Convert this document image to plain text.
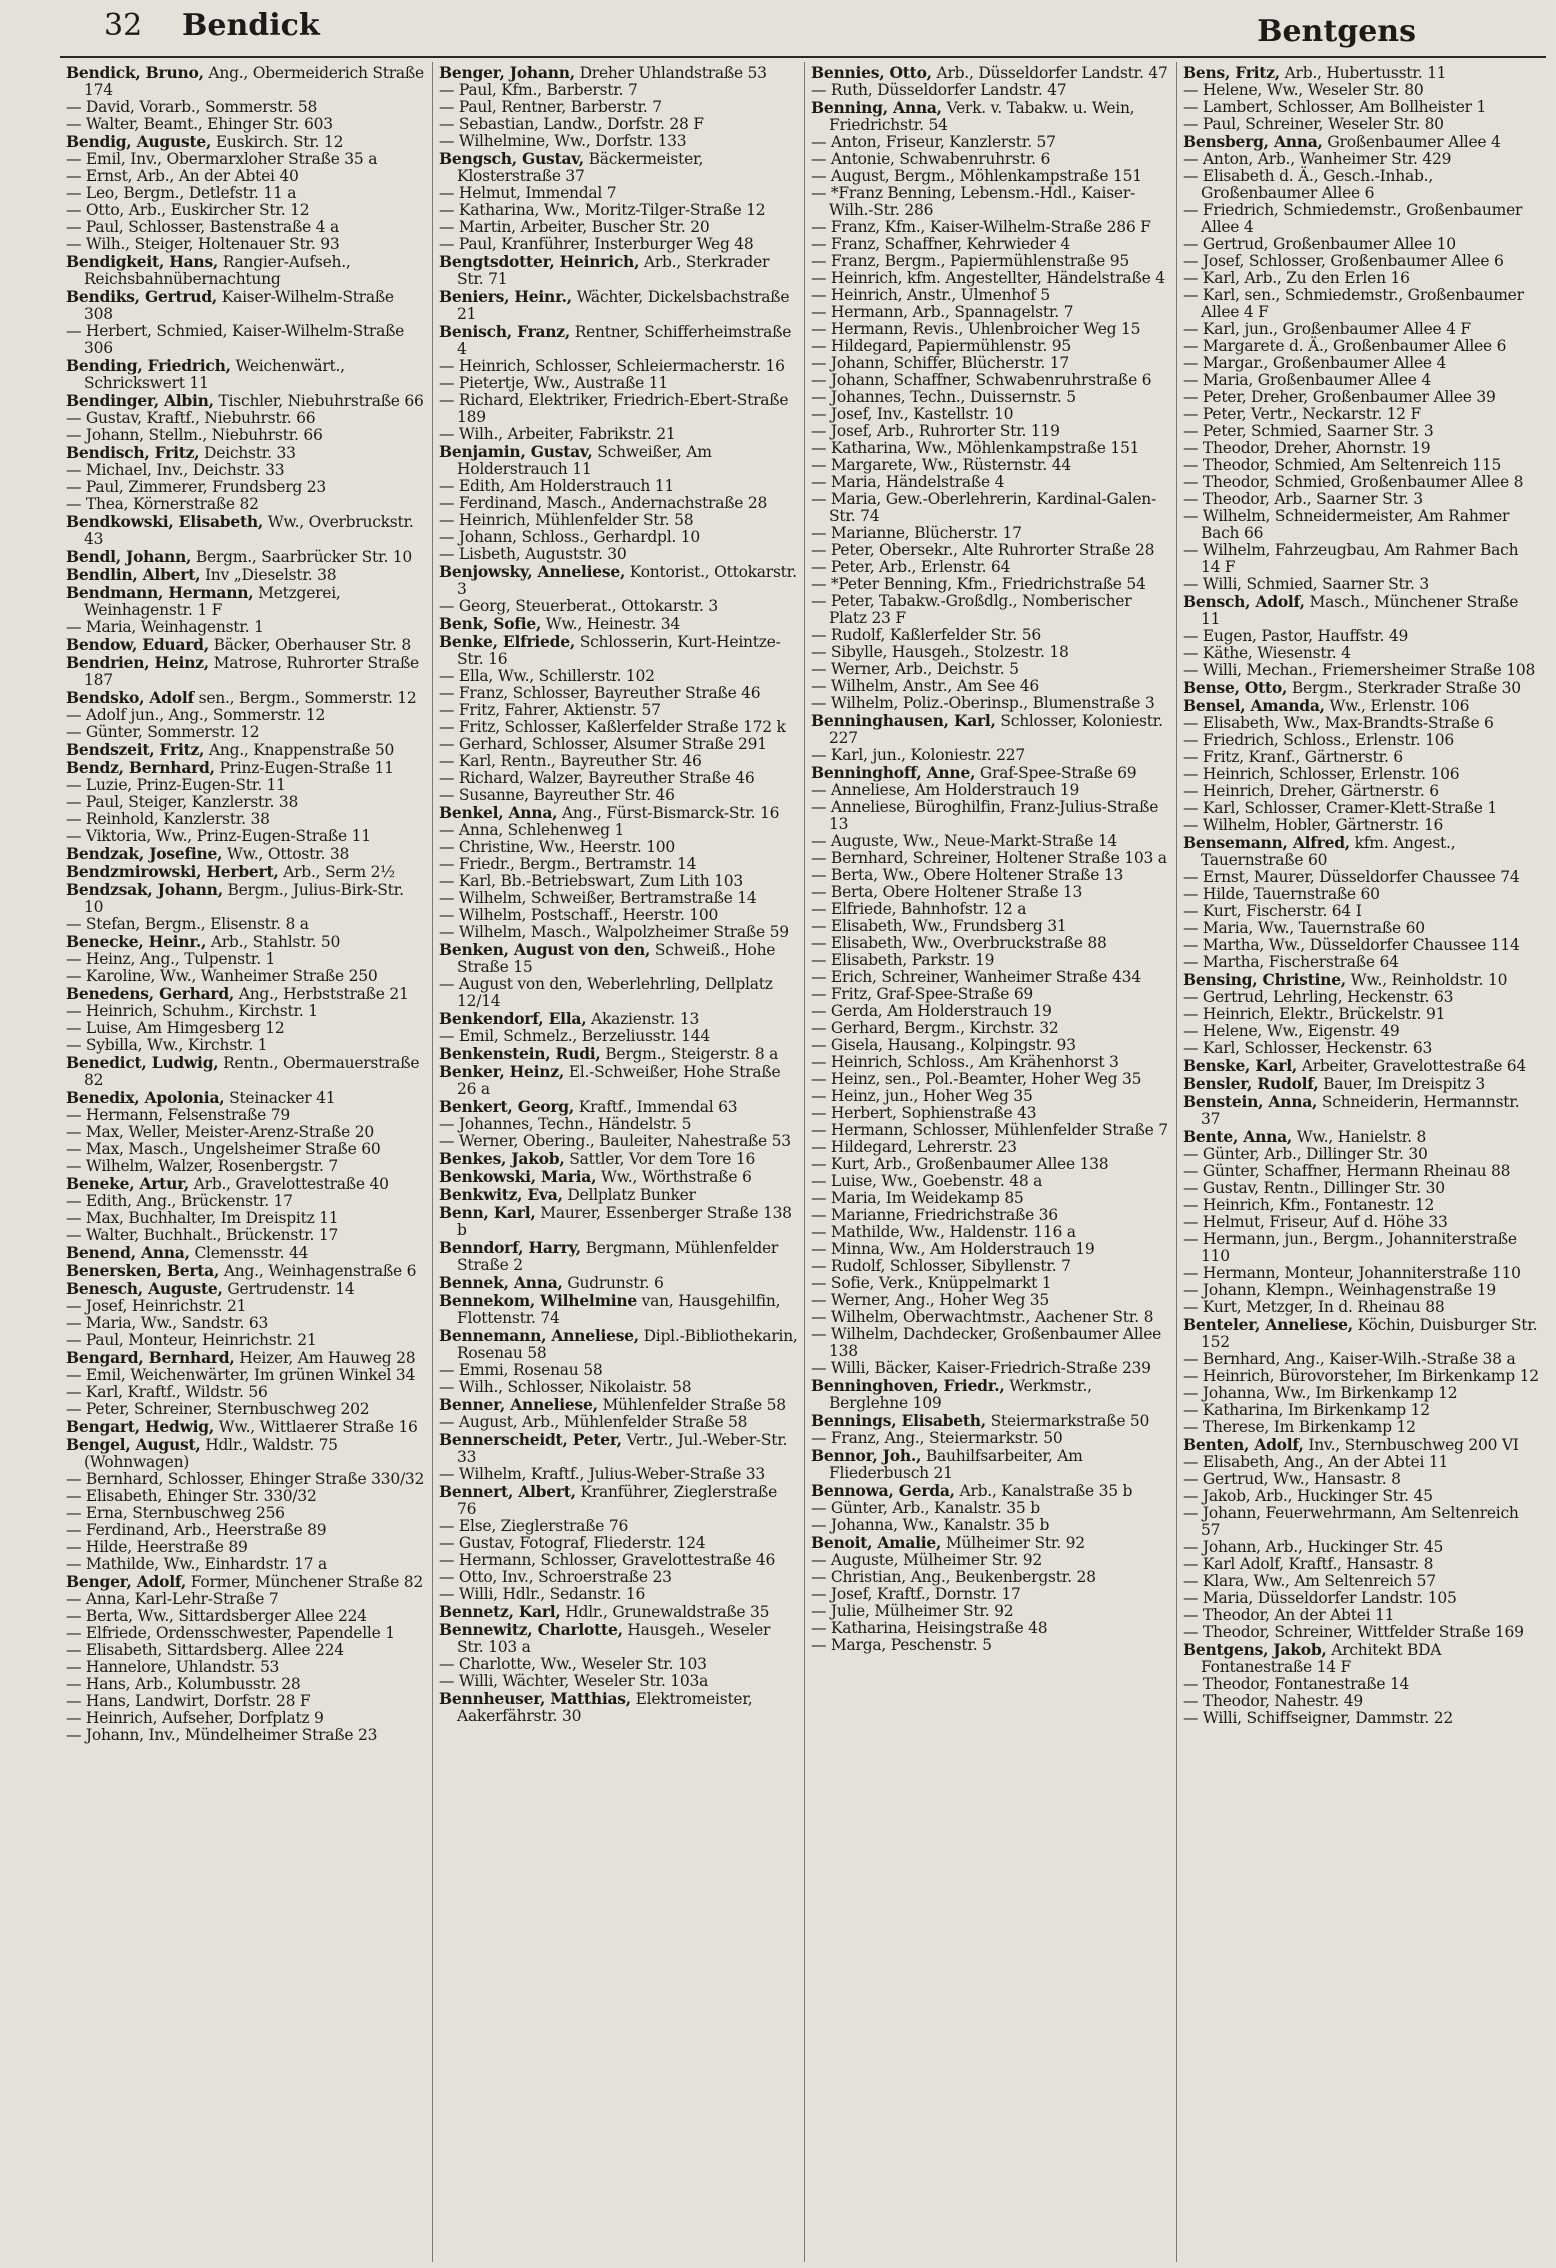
32 Bendick	Bentgens

Bendick, Bruno, Ang., Obermeiderich Straße 174

— David, Vorarb., Sommerstr. 58

— Walter, Beamt., Ehinger Str. 603

Bendig, Auguste, Euskirch. Str. 12

— Emil, Inv., Obermarxloher Straße 35 a

— Ernst, Arb., An der Abtei 40

— Leo, Bergm., Detlefstr. 11 a

— Otto, Arb., Euskircher Str. 12

— Paul, Schlosser, Bastenstraße 4 a

— Wilh., Steiger, Holtenauer Str. 93

Bendigkeit, Hans, Rangier-Aufseh., Reichsbahnübernachtung

Bendiks, Gertrud, Kaiser-Wilhelm-Straße 308

— Herbert, Schmied, Kaiser-Wilhelm-Straße 306

Bending, Friedrich, Weichenwärt., Schrickswert 11

Bendinger, Albin, Tischler, Niebuhrstraße 66

— Gustav, Kraftf., Niebuhrstr. 66

— Johann, Stellm., Niebuhrstr. 66

Bendisch, Fritz, Deichstr. 33

— Michael, Inv., Deichstr. 33

— Paul, Zimmerer, Frundsberg 23

— Thea, Körnerstraße 82

Bendkowski, Elisabeth, Ww., Overbruckstr. 43

Bendl, Johann, Bergm., Saarbrücker Str. 10

Bendlin, Albert, Inv „Dieselstr. 38

Bendmann, Hermann, Metzgerei, Weinhagenstr. 1 F

— Maria, Weinhagenstr. 1

Bendow, Eduard, Bäcker, Oberhauser Str. 8

Bendrien, Heinz, Matrose, Ruhrorter Straße 187

Bendsko, Adolf sen., Bergm., Sommerstr. 12

— Adolf jun., Ang., Sommerstr. 12

— Günter, Sommerstr. 12

Bendszeit, Fritz, Ang., Knappenstraße 50

Bendz, Bernhard, Prinz-Eugen-Straße 11

— Luzie, Prinz-Eugen-Str. 11

— Paul, Steiger, Kanzlerstr. 38

— Reinhold, Kanzlerstr. 38

— Viktoria, Ww., Prinz-Eugen-Straße 11

Bendzak, Josefine, Ww., Ottostr. 38

Bendzmirowski, Herbert, Arb., Serm 2½

Bendzsak, Johann, Bergm., Julius-Birk-Str. 10

— Stefan, Bergm., Elisenstr. 8 a

Benecke, Heinr., Arb., Stahlstr. 50

— Heinz, Ang., Tulpenstr. 1

— Karoline, Ww., Wanheimer Straße 250

Benedens, Gerhard, Ang., Herbststraße 21

— Heinrich, Schuhm., Kirchstr. 1

— Luise, Am Himgesberg 12

— Sybilla, Ww., Kirchstr. 1

Benedict, Ludwig, Rentn., Obermauerstraße 82

Benedix, Apolonia, Steinacker 41

— Hermann, Felsenstraße 79

— Max, Weller, Meister-Arenz-Straße 20

— Max, Masch., Ungelsheimer Straße 60

— Wilhelm, Walzer, Rosenbergstr. 7

Beneke, Artur, Arb., Gravelottestraße 40

— Edith, Ang., Brückenstr. 17

— Max, Buchhalter, Im Dreispitz 11

— Walter, Buchhalt., Brückenstr. 17

Benend, Anna, Clemensstr. 44

Benersken, Berta, Ang., Weinhagenstraße 6

Benesch, Auguste, Gertrudenstr. 14

— Josef, Heinrichstr. 21

— Maria, Ww., Sandstr. 63

— Paul, Monteur, Heinrichstr. 21

Bengard, Bernhard, Heizer, Am Hauweg 28

— Emil, Weichenwärter, Im grünen Winkel 34

— Karl, Kraftf., Wildstr. 56

— Peter, Schreiner, Sternbuschweg 202

Bengart, Hedwig, Ww., Wittlaerer Straße 16

Bengel, August, Hdlr., Waldstr. 75 (Wohnwagen)

— Bernhard, Schlosser, Ehinger Straße 330/32

— Elisabeth, Ehinger Str. 330/32

— Erna, Sternbuschweg 256

— Ferdinand, Arb., Heerstraße 89

— Hilde, Heerstraße 89

— Mathilde, Ww., Einhardstr. 17 a

Benger, Adolf, Former, Münchener Straße 82

— Anna, Karl-Lehr-Straße 7

— Berta, Ww., Sittardsberger Allee 224

— Elfriede, Ordensschwester, Papendelle 1

— Elisabeth, Sittardsberg. Allee 224

— Hannelore, Uhlandstr. 53

— Hans, Arb., Kolumbusstr. 28

— Hans, Landwirt, Dorfstr. 28 F

— Heinrich, Aufseher, Dorfplatz 9

— Johann, Inv., Mündelheimer Straße 23

Benger, Johann, Dreher Uhlandstraße 53

— Paul, Kfm., Barberstr. 7

— Paul, Rentner, Barberstr. 7

— Sebastian, Landw., Dorfstr. 28 F

— Wilhelmine, Ww., Dorfstr. 133

Bengsch, Gustav, Bäckermeister, Klosterstraße 37

— Helmut, Immendal 7

— Katharina, Ww., Moritz-Tilger-Straße 12

— Martin, Arbeiter, Buscher Str. 20

— Paul, Kranführer, Insterburger Weg 48

Bengtsdotter, Heinrich, Arb., Sterkrader Str. 71

Beniers, Heinr., Wächter, Dickelsbachstraße 21

Benisch, Franz, Rentner, Schifferheimstraße 4

— Heinrich, Schlosser, Schleiermacherstr. 16

— Pietertje, Ww., Austraße 11

— Richard, Elektriker, Friedrich-Ebert-Straße 189

— Wilh., Arbeiter, Fabrikstr. 21

Benjamin, Gustav, Schweißer, Am Holderstrauch 11

— Edith, Am Holderstrauch 11

— Ferdinand, Masch., Andernachstraße 28

— Heinrich, Mühlenfelder Str. 58

— Johann, Schloss., Gerhardpl. 10

— Lisbeth, Auguststr. 30

Benjowsky, Anneliese, Kontorist., Ottokarstr. 3

— Georg, Steuerberat., Ottokarstr. 3

Benk, Sofie, Ww., Heinestr. 34

Benke, Elfriede, Schlosserin, Kurt-Heintze-Str. 16

— Ella, Ww., Schillerstr. 102

— Franz, Schlosser, Bayreuther Straße 46

— Fritz, Fahrer, Aktienstr. 57

— Fritz, Schlosser, Kaßlerfelder Straße 172 k

— Gerhard, Schlosser, Alsumer Straße 291

— Karl, Rentn., Bayreuther Str. 46

— Richard, Walzer, Bayreuther Straße 46

— Susanne, Bayreuther Str. 46

Benkel, Anna, Ang., Fürst-Bismarck-Str. 16

— Anna, Schlehenweg 1

— Christine, Ww., Heerstr. 100

— Friedr., Bergm., Bertramstr. 14

— Karl, Bb.-Betriebswart, Zum Lith 103

— Wilhelm, Schweißer, Bertramstraße 14

— Wilhelm, Postschaff., Heerstr. 100

— Wilhelm, Masch., Walpolzheimer Straße 59

Benken, August von den, Schweiß., Hohe Straße 15

— August von den, Weberlehrling, Dellplatz 12/14

Benkendorf, Ella, Akazienstr. 13

— Emil, Schmelz., Berzeliusstr. 144

Benkenstein, Rudi, Bergm., Steigerstr. 8 a

Benker, Heinz, El.-Schweißer, Hohe Straße 26 a

Benkert, Georg, Kraftf., Immendal 63

— Johannes, Techn., Händelstr. 5

— Werner, Obering., Bauleiter, Nahestraße 53

Benkes, Jakob, Sattler, Vor dem Tore 16

Benkowski, Maria, Ww., Wörthstraße 6

Benkwitz, Eva, Dellplatz Bunker

Benn, Karl, Maurer, Essenberger Straße 138 b

Benndorf, Harry, Bergmann, Mühlenfelder Straße 2

Bennek, Anna, Gudrunstr. 6

Bennekom, Wilhelmine van, Hausgehilfin, Flottenstr. 74

Bennemann, Anneliese, Dipl.-Bibliothekarin, Rosenau 58

— Emmi, Rosenau 58

— Wilh., Schlosser, Nikolaistr. 58

Benner, Anneliese, Mühlenfelder Straße 58

— August, Arb., Mühlenfelder Straße 58

Bennerscheidt, Peter, Vertr., Jul.-Weber-Str. 33

— Wilhelm, Kraftf., Julius-Weber-Straße 33

Bennert, Albert, Kranführer, Zieglerstraße 76

— Else, Zieglerstraße 76

— Gustav, Fotograf, Fliederstr. 124

— Hermann, Schlosser, Gravelottestraße 46

— Otto, Inv., Schroerstraße 23

— Willi, Hdlr., Sedanstr. 16

Bennetz, Karl, Hdlr., Grunewaldstraße 35

Bennewitz, Charlotte, Hausgeh., Weseler Str. 103 a

— Charlotte, Ww., Weseler Str. 103

— Willi, Wächter, Weseler Str. 103a

Bennheuser, Matthias, Elektromeister, Aakerfährstr. 30

Bennies, Otto, Arb., Düsseldorfer Landstr. 47

— Ruth, Düsseldorfer Landstr. 47

Benning, Anna, Verk. v. Tabakw. u. Wein, Friedrichstr. 54

— Anton, Friseur, Kanzlerstr. 57

— Antonie, Schwabenruhrstr. 6

— August, Bergm., Möhlenkampstraße 151

— *Franz Benning, Lebensm.-Hdl., Kaiser-Wilh.-Str. 286

— Franz, Kfm., Kaiser-Wilhelm-Straße 286 F

— Franz, Schaffner, Kehrwieder 4

— Franz, Bergm., Papiermühlenstraße 95

— Heinrich, kfm. Angestellter, Händelstraße 4

— Heinrich, Anstr., Ulmenhof 5

— Hermann, Arb., Spannagelstr. 7

— Hermann, Revis., Uhlenbroicher Weg 15

— Hildegard, Papiermühlenstr. 95

— Johann, Schiffer, Blücherstr. 17

— Johann, Schaffner, Schwabenruhrstraße 6

— Johannes, Techn., Duissernstr. 5

— Josef, Inv., Kastellstr. 10

— Josef, Arb., Ruhrorter Str. 119

— Katharina, Ww., Möhlenkampstraße 151

— Margarete, Ww., Rüsternstr. 44

— Maria, Händelstraße 4

— Maria, Gew.-Oberlehrerin, Kardinal-Galen-Str. 74

— Marianne, Blücherstr. 17

— Peter, Obersekr., Alte Ruhrorter Straße 28

— Peter, Arb., Erlenstr. 64

— *Peter Benning, Kfm., Friedrichstraße 54

— Peter, Tabakw.-Großdlg., Nomberischer Platz 23 F

— Rudolf, Kaßlerfelder Str. 56

— Sibylle, Hausgeh., Stolzestr. 18

— Werner, Arb., Deichstr. 5

— Wilhelm, Anstr., Am See 46

— Wilhelm, Poliz.-Oberinsp., Blumenstraße 3

Benninghausen, Karl, Schlosser, Koloniestr. 227

— Karl, jun., Koloniestr. 227

Benninghoff, Anne, Graf-Spee-Straße 69

— Anneliese, Am Holderstrauch 19

— Anneliese, Büroghilfin, Franz-Julius-Straße 13

— Auguste, Ww., Neue-Markt-Straße 14

— Bernhard, Schreiner, Holtener Straße 103 a

— Berta, Ww., Obere Holtener Straße 13

— Berta, Obere Holtener Straße 13

— Elfriede, Bahnhofstr. 12 a

— Elisabeth, Ww., Frundsberg 31

— Elisabeth, Ww., Overbruckstraße 88

— Elisabeth, Parkstr. 19

— Erich, Schreiner, Wanheimer Straße 434

— Fritz, Graf-Spee-Straße 69

— Gerda, Am Holderstrauch 19

— Gerhard, Bergm., Kirchstr. 32

— Gisela, Hausang., Kolpingstr. 93

— Heinrich, Schloss., Am Krähenhorst 3

— Heinz, sen., Pol.-Beamter, Hoher Weg 35

— Heinz, jun., Hoher Weg 35

— Herbert, Sophienstraße 43

— Hermann, Schlosser, Mühlenfelder Straße 7

— Hildegard, Lehrerstr. 23

— Kurt, Arb., Großenbaumer Allee 138

— Luise, Ww., Goebenstr. 48 a

— Maria, Im Weidekamp 85

— Marianne, Friedrichstraße 36

— Mathilde, Ww., Haldenstr. 116 a

— Minna, Ww., Am Holderstrauch 19

— Rudolf, Schlosser, Sibyllenstr. 7

— Sofie, Verk., Knüppelmarkt 1

— Werner, Ang., Hoher Weg 35

— Wilhelm, Oberwachtmstr., Aachener Str. 8

— Wilhelm, Dachdecker, Großenbaumer Allee 138

— Willi, Bäcker, Kaiser-Friedrich-Straße 239

Benninghoven, Friedr., Werkmstr., Berglehne 109

Bennings, Elisabeth, Steiermarkstraße 50

— Franz, Ang., Steiermarkstr. 50

Bennor, Joh., Bauhilfsarbeiter, Am Fliederbusch 21

Bennowa, Gerda, Arb., Kanalstraße 35 b

— Günter, Arb., Kanalstr. 35 b

— Johanna, Ww., Kanalstr. 35 b

Benoit, Amalie, Mülheimer Str. 92

— Auguste, Mülheimer Str. 92

— Christian, Ang., Beukenbergstr. 28

— Josef, Kraftf., Dornstr. 17

— Julie, Mülheimer Str. 92

— Katharina, Heisingstraße 48

— Marga, Peschenstr. 5

Bens, Fritz, Arb., Hubertusstr. 11

— Helene, Ww., Weseler Str. 80

— Lambert, Schlosser, Am Bollheister 1

— Paul, Schreiner, Weseler Str. 80

Bensberg, Anna, Großenbaumer Allee 4

— Anton, Arb., Wanheimer Str. 429

— Elisabeth d. Ä., Gesch.-Inhab., Großenbaumer Allee 6

— Friedrich, Schmiedemstr., Großenbaumer Allee 4

— Gertrud, Großenbaumer Allee 10

— Josef, Schlosser, Großenbaumer Allee 6

— Karl, Arb., Zu den Erlen 16

— Karl, sen., Schmiedemstr., Großenbaumer Allee 4 F

— Karl, jun., Großenbaumer Allee 4 F

— Margarete d. Ä., Großenbaumer Allee 6

— Margar., Großenbaumer Allee 4

— Maria, Großenbaumer Allee 4

— Peter, Dreher, Großenbaumer Allee 39

— Peter, Vertr., Neckarstr. 12 F

— Peter, Schmied, Saarner Str. 3

— Theodor, Dreher, Ahornstr. 19

— Theodor, Schmied, Am Seltenreich 115

— Theodor, Schmied, Großenbaumer Allee 8

— Theodor, Arb., Saarner Str. 3

— Wilhelm, Schneidermeister, Am Rahmer Bach 66

— Wilhelm, Fahrzeugbau, Am Rahmer Bach 14 F

— Willi, Schmied, Saarner Str. 3

Bensch, Adolf, Masch., Münchener Straße 11

— Eugen, Pastor, Hauffstr. 49

— Käthe, Wiesenstr. 4

— Willi, Mechan., Friemersheimer Straße 108

Bense, Otto, Bergm., Sterkrader Straße 30

Bensel, Amanda, Ww., Erlenstr. 106

— Elisabeth, Ww., Max-Brandts-Straße 6

— Friedrich, Schloss., Erlenstr. 106

— Fritz, Kranf., Gärtnerstr. 6

— Heinrich, Schlosser, Erlenstr. 106

— Heinrich, Dreher, Gärtnerstr. 6

— Karl, Schlosser, Cramer-Klett-Straße 1

— Wilhelm, Hobler, Gärtnerstr. 16

Bensemann, Alfred, kfm. Angest., Tauernstraße 60

— Ernst, Maurer, Düsseldorfer Chaussee 74

— Hilde, Tauernstraße 60

— Kurt, Fischerstr. 64 I

— Maria, Ww., Tauernstraße 60

— Martha, Ww., Düsseldorfer Chaussee 114

— Martha, Fischerstraße 64

Bensing, Christine, Ww., Reinholdstr. 10

— Gertrud, Lehrling, Heckenstr. 63

— Heinrich, Elektr., Brückelstr. 91

— Helene, Ww., Eigenstr. 49

— Karl, Schlosser, Heckenstr. 63

Benske, Karl, Arbeiter, Gravelottestraße 64

Bensler, Rudolf, Bauer, Im Dreispitz 3

Benstein, Anna, Schneiderin, Hermannstr. 37

Bente, Anna, Ww., Hanielstr. 8

— Günter, Arb., Dillinger Str. 30

— Günter, Schaffner, Hermann Rheinau 88

— Gustav, Rentn., Dillinger Str. 30

— Heinrich, Kfm., Fontanestr. 12

— Helmut, Friseur, Auf d. Höhe 33

— Hermann, jun., Bergm., Johanniterstraße 110

— Hermann, Monteur, Johanniterstraße 110

— Johann, Klempn., Weinhagenstraße 19

— Kurt, Metzger, In d. Rheinau 88

Benteler, Anneliese, Köchin, Duisburger Str. 152

— Bernhard, Ang., Kaiser-Wilh.-Straße 38 a

— Heinrich, Bürovorsteher, Im Birkenkamp 12

— Johanna, Ww., Im Birkenkamp 12

— Katharina, Im Birkenkamp 12

— Therese, Im Birkenkamp 12

Benten, Adolf, Inv., Sternbuschweg 200 VI

— Elisabeth, Ang., An der Abtei 11

— Gertrud, Ww., Hansastr. 8

— Jakob, Arb., Huckinger Str. 45

— Johann, Feuerwehrmann, Am Seltenreich 57

— Johann, Arb., Huckinger Str. 45

— Karl Adolf, Kraftf., Hansastr. 8

— Klara, Ww., Am Seltenreich 57

— Maria, Düsseldorfer Landstr. 105

— Theodor, An der Abtei 11

— Theodor, Schreiner, Wittfelder Straße 169

Bentgens, Jakob, Architekt BDA Fontanestraße 14 F

— Theodor, Fontanestraße 14

— Theodor, Nahestr. 49

— Willi, Schiffseigner, Dammstr. 22
